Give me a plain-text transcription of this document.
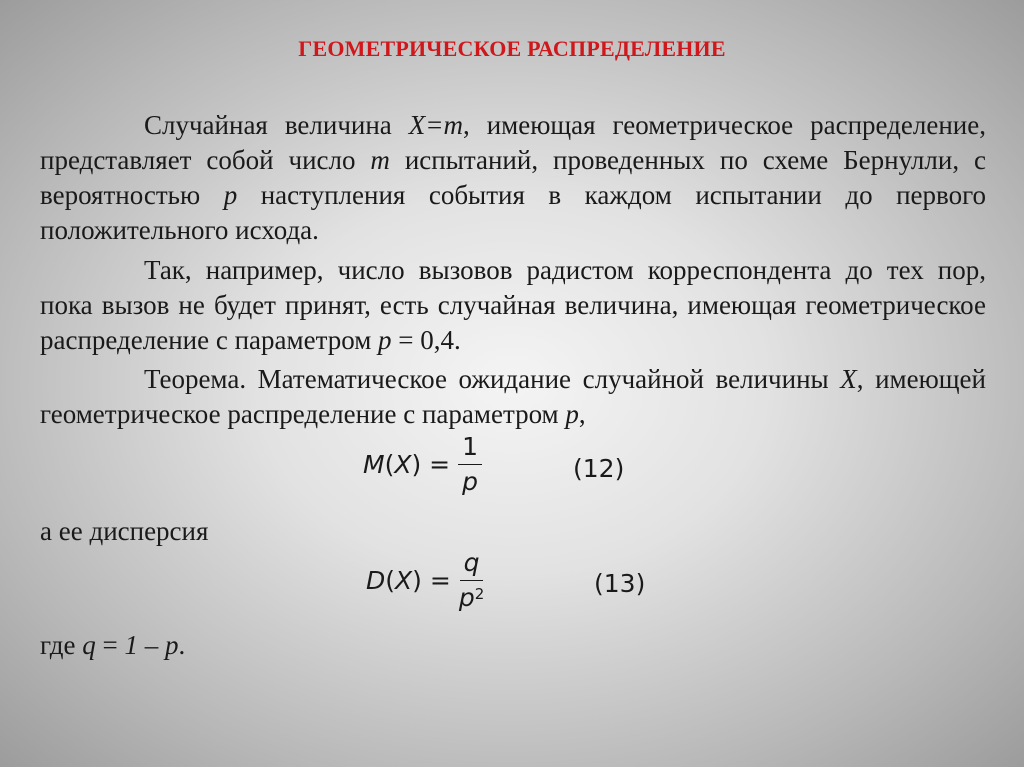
ГЕОМЕТРИЧЕСКОЕ РАСПРЕДЕЛЕНИЕ
Случайная величина X=m, имеющая геометрическое распределение, представляет собой число m испытаний, проведенных по схеме Бернулли, с вероятностью p наступления события в каждом испытании до первого положительного исхода.
Так, например, число вызовов радистом корреспондента до тех пор, пока вызов не будет принят, есть случайная величина, имеющая геометрическое распределение с параметром p = 0,4.
Теорема. Математическое ожидание случайной величины X, имеющей геометрическое распределение с параметром p,
$M(X) = \frac{1}{p}$	(12)
а ее дисперсия
$D(X) = \frac{q}{p^2}$	(13)
где q = 1 – p.
